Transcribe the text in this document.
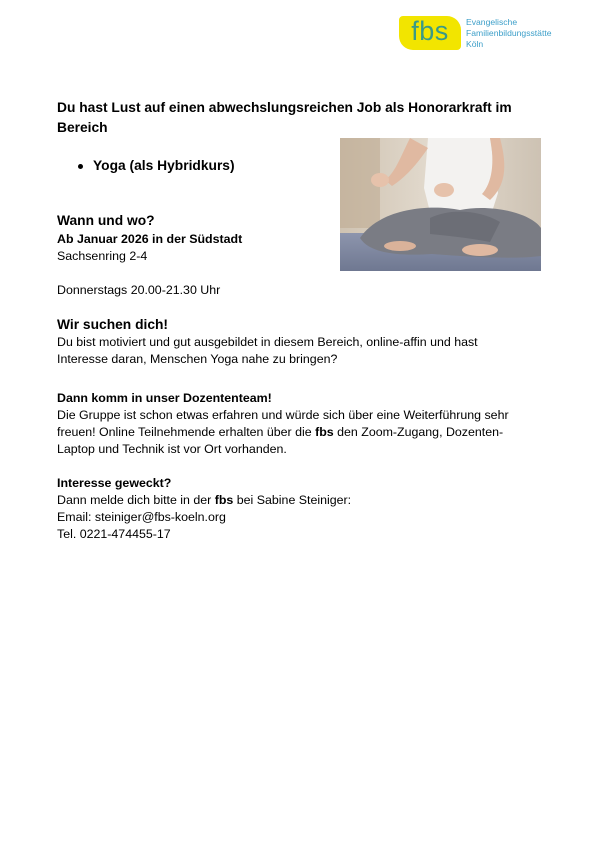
fbs Evangelische
Familienbildungsstätte
Köln

Du hast Lust auf einen abwechslungsreichen Job als Honorarkraft im Bereich

Yoga (als Hybridkurs)

Wann und wo?

Ab Januar 2026 in der Südstadt

Sachsenring 2-4

Donnerstags 20.00-21.30 Uhr

Wir suchen dich!

Du bist motiviert und gut ausgebildet in diesem Bereich, online-affin und hast Interesse daran, Menschen Yoga nahe zu bringen?

Dann komm in unser Dozententeam!

Die Gruppe ist schon etwas erfahren und würde sich über eine Weiterführung sehr freuen! Online Teilnehmende erhalten über die fbs den Zoom-Zugang, Dozenten-Laptop und Technik ist vor Ort vorhanden.

Interesse geweckt?

Dann melde dich bitte in der fbs bei Sabine Steiniger:

Email: steiniger@fbs-koeln.org

Tel. 0221-474455-17
